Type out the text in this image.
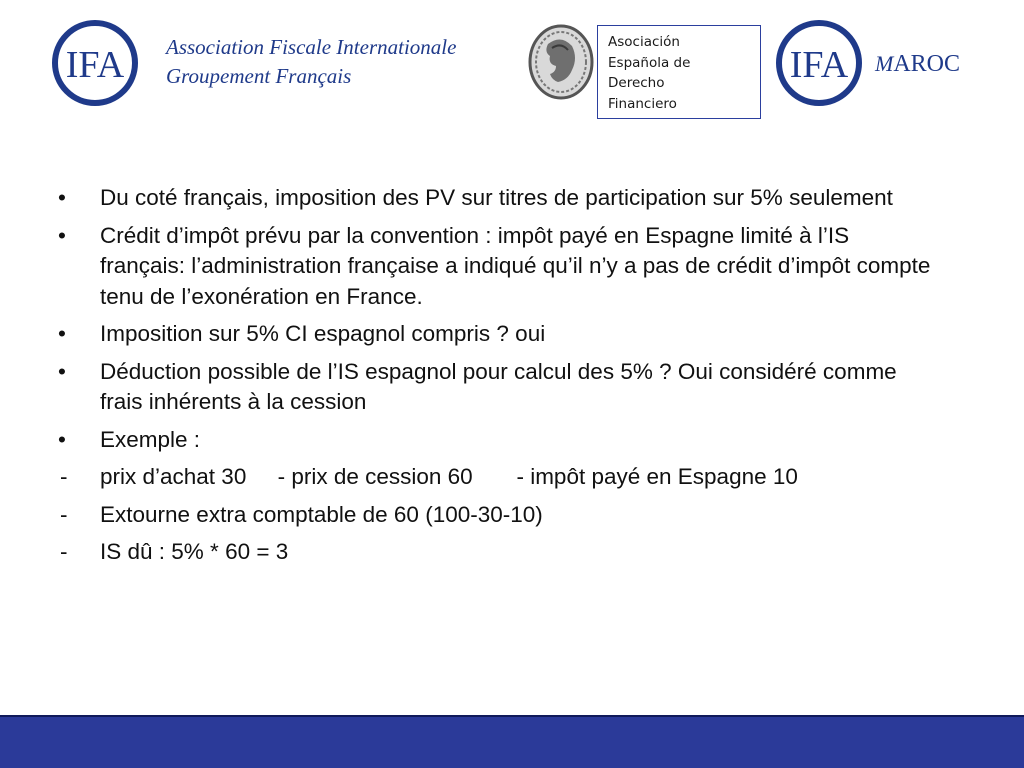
IFA Association Fiscale Internationale
Groupement Français
Asociación
Española de
Derecho
Financiero
IFA MAROC
•	Du coté français, imposition des PV sur titres de participation sur 5% seulement
•	Crédit d’impôt prévu par la convention : impôt payé en Espagne limité à l’IS français: l’administration française a indiqué qu’il n’y a pas de crédit d’impôt compte tenu de l’exonération en France.
•	Imposition sur 5% CI espagnol compris ? oui
•	Déduction possible de l’IS espagnol pour calcul des 5% ? Oui considéré comme frais inhérents à la cession
•	Exemple :
-	prix d’achat 30     - prix de cession 60       - impôt payé en Espagne 10
-	Extourne extra comptable de 60 (100-30-10)
-	IS dû : 5% * 60 = 3
